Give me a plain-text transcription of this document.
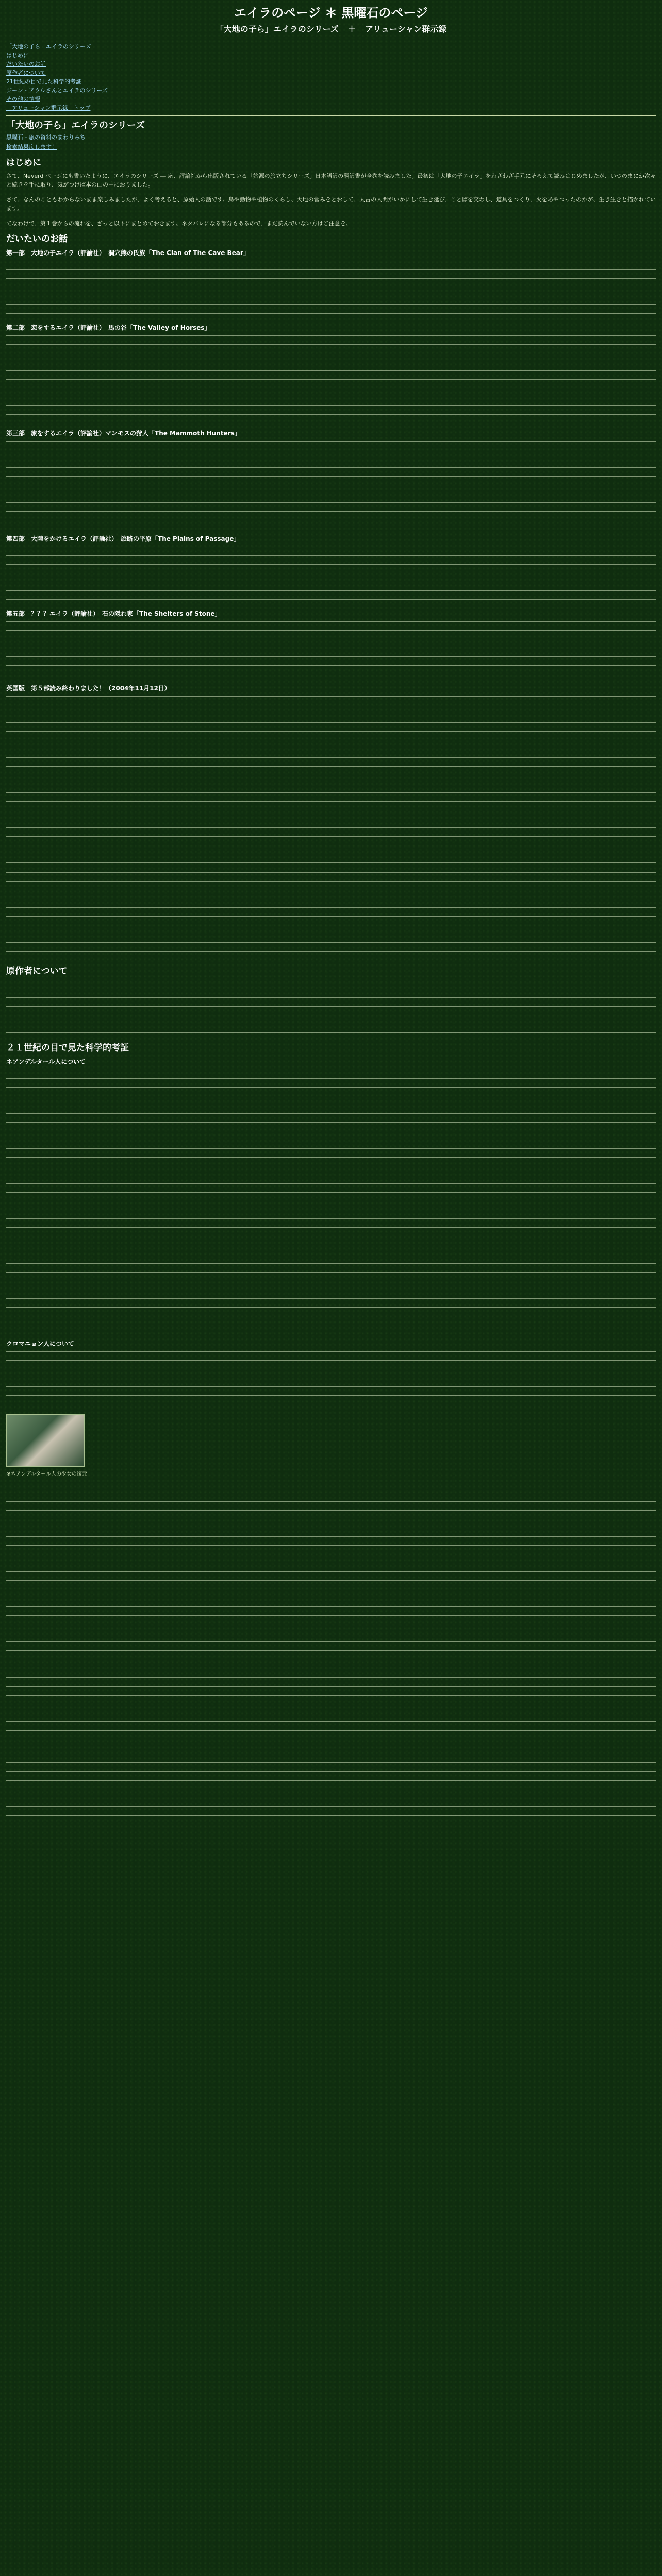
エイラのページ ＊ 黒曜石のページ
「大地の子ら」エイラのシリーズ ＋ アリューシャン群示録
「大地の子ら」エイラのシリーズ
はじめに
だいたいのお話
原作者について
21世紀の目で見た科学的考証
ジーン・アウルさんとエイラのシリーズ
その他の情報
「アリューシャン群示録」トップ
「大地の子ら」エイラのシリーズ
黒曜石・旅の資料のまわりみち
検索結果戻します！
はじめに

さて、Neverd ページにも書いたように、エイラのシリーズ ― 応、評論社から出版されている「始源の旅立ちシリーズ」日本語訳の翻訳書が全巻を読みました。最初は「大地の子エイラ」をわざわざ手元にそろえて読みはじめましたが、いつのまにか次々と続きを手に取り、気がつけば本の山の中におりました。

さて、なんのこともわからないまま楽しみましたが、よく考えると、原始人の話です。鳥や動物や植物のくらし、大地の営みをとおして、太古の人間がいかにして生き延び、ことばを交わし、道具をつくり、火をあやつったのかが、生き生きと描かれています。

てなわけで、第１巻からの流れを、ざっと以下にまとめておきます。ネタバレになる部分もあるので、まだ読んでいない方はご注意を。

だいたいのお話
第一部　大地の子エイラ（評論社）　洞穴熊の氏族「The Clan of The Cave Bear」
第二部　恋をするエイラ（評論社）　馬の谷「The Valley of Horses」
第三部　旅をするエイラ（評論社）マンモスの狩人「The Mammoth Hunters」
第四部　大陸をかけるエイラ（評論社）　旅路の平原「The Plains of Passage」
第五部　？？？エイラ（評論社）　石の隠れ家「The Shelters of Stone」
英国版　第５部読み終わりました！（2004年11月12日）
原作者について
２１世紀の目で見た科学的考証
ネアンデルタール人について
クロマニョン人について
※ネアンデルタール人の少女の復元
